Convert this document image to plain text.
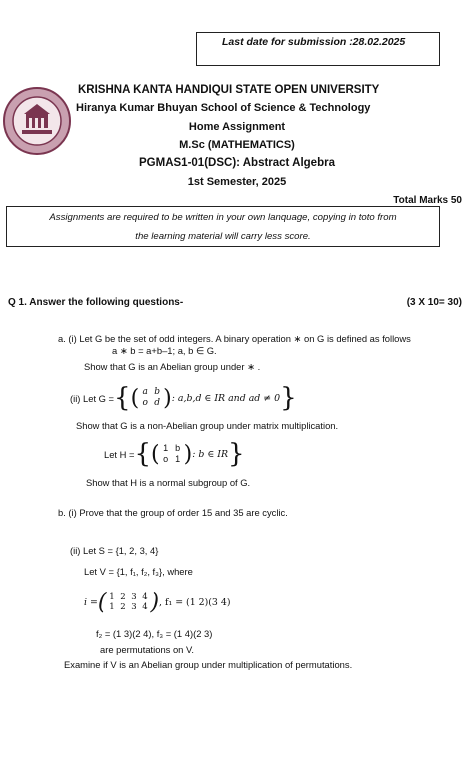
Last date for submission :28.02.2025
KRISHNA KANTA HANDIQUI STATE OPEN UNIVERSITY
Hiranya Kumar Bhuyan School of Science & Technology
Home Assignment
M.Sc (MATHEMATICS)
PGMAS1-01(DSC): Abstract Algebra
1st Semester, 2025
Total Marks 50
Assignments are required to be written in your own lanquage, copying in toto from
the learning material will carry less score.
Q 1. Answer the following questions-	(3 X 10= 30)
a. (i) Let G be the set of odd integers. A binary operation ∗ on G is defined as follows
a ∗ b = a+b–1; a, b ∈ G.
Show that G is an Abelian group under ∗ .
(ii) Let G = { ( a b
o d ) : a,b,d ∈ IR and ad ≠ 0 }
Show that G is a non-Abelian group under matrix multiplication.
Let H = { ( 1 b
o 1 ) : b ∈ IR }
Show that H is a normal subgroup of G.
b. (i) Prove that the group of order 15 and 35 are cyclic.
(ii) Let S = {1, 2, 3, 4}
Let V = {1, f₁, f₂, f₃}, where
i = ( 1 2 3 4
1 2 3 4 ) , f₁ = (1 2)(3 4)
f₂ = (1 3)(2 4), f₃ = (1 4)(2 3)
are permutations on V.
Examine if V is an Abelian group under multiplication of permutations.
